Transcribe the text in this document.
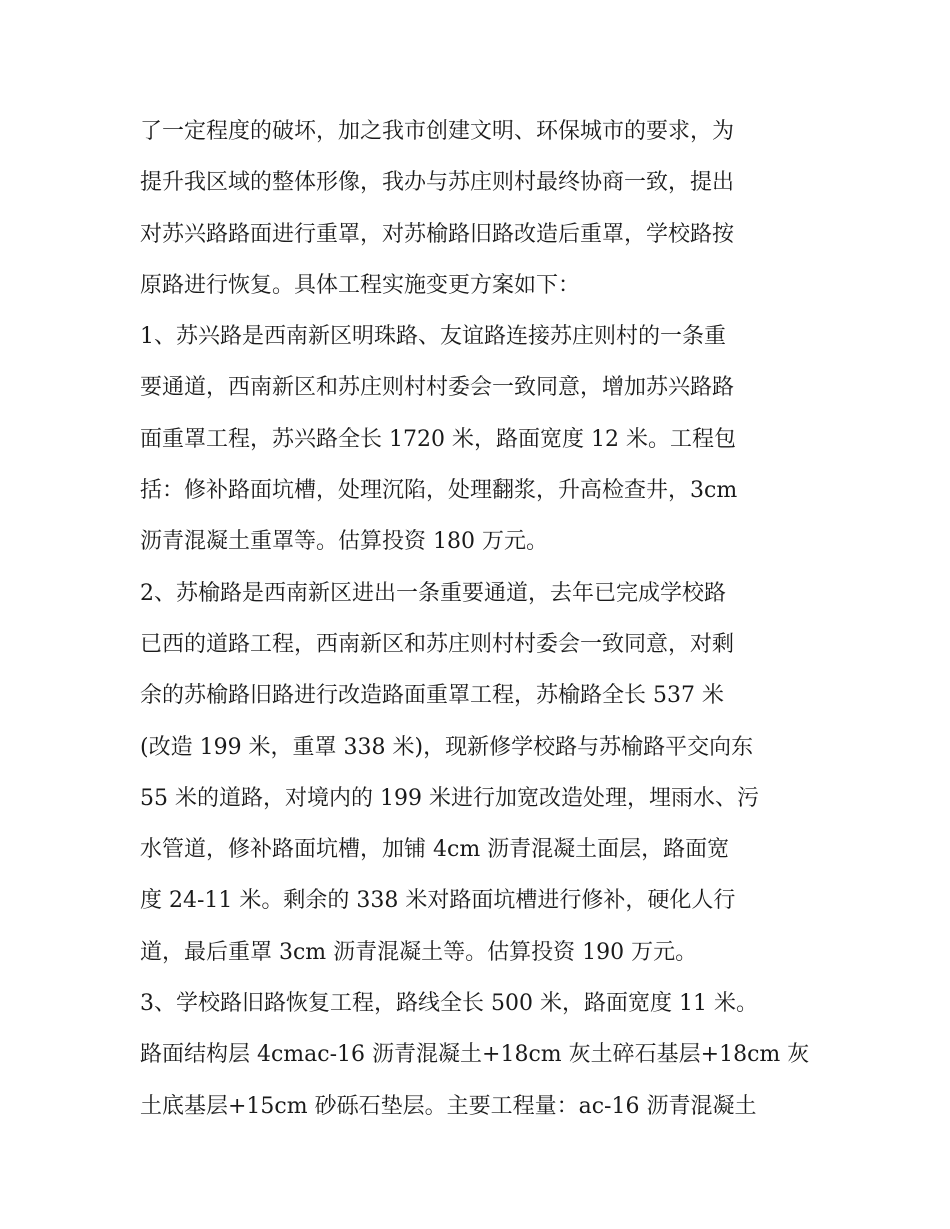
了一定程度的破坏，加之我市创建文明、环保城市的要求，为

提升我区域的整体形像，我办与苏庄则村最终协商一致，提出

对苏兴路路面进行重罩，对苏榆路旧路改造后重罩，学校路按

原路进行恢复。具体工程实施变更方案如下：

1、苏兴路是西南新区明珠路、友谊路连接苏庄则村的一条重

要通道，西南新区和苏庄则村村委会一致同意，增加苏兴路路

面重罩工程，苏兴路全长 1720 米，路面宽度 12 米。工程包

括：修补路面坑槽，处理沉陷，处理翻浆，升高检查井，3cm

沥青混凝土重罩等。估算投资 180 万元。

2、苏榆路是西南新区进出一条重要通道，去年已完成学校路

已西的道路工程，西南新区和苏庄则村村委会一致同意，对剩

余的苏榆路旧路进行改造路面重罩工程，苏榆路全长 537 米

(改造 199 米，重罩 338 米)，现新修学校路与苏榆路平交向东

55 米的道路，对境内的 199 米进行加宽改造处理，埋雨水、污

水管道，修补路面坑槽，加铺 4cm 沥青混凝土面层，路面宽

度 24-11 米。剩余的 338 米对路面坑槽进行修补，硬化人行

道，最后重罩 3cm 沥青混凝土等。估算投资 190 万元。

3、学校路旧路恢复工程，路线全长 500 米，路面宽度 11 米。

路面结构层 4cmac-16 沥青混凝土+18cm 灰土碎石基层+18cm 灰

土底基层+15cm 砂砾石垫层。主要工程量：ac-16 沥青混凝土
